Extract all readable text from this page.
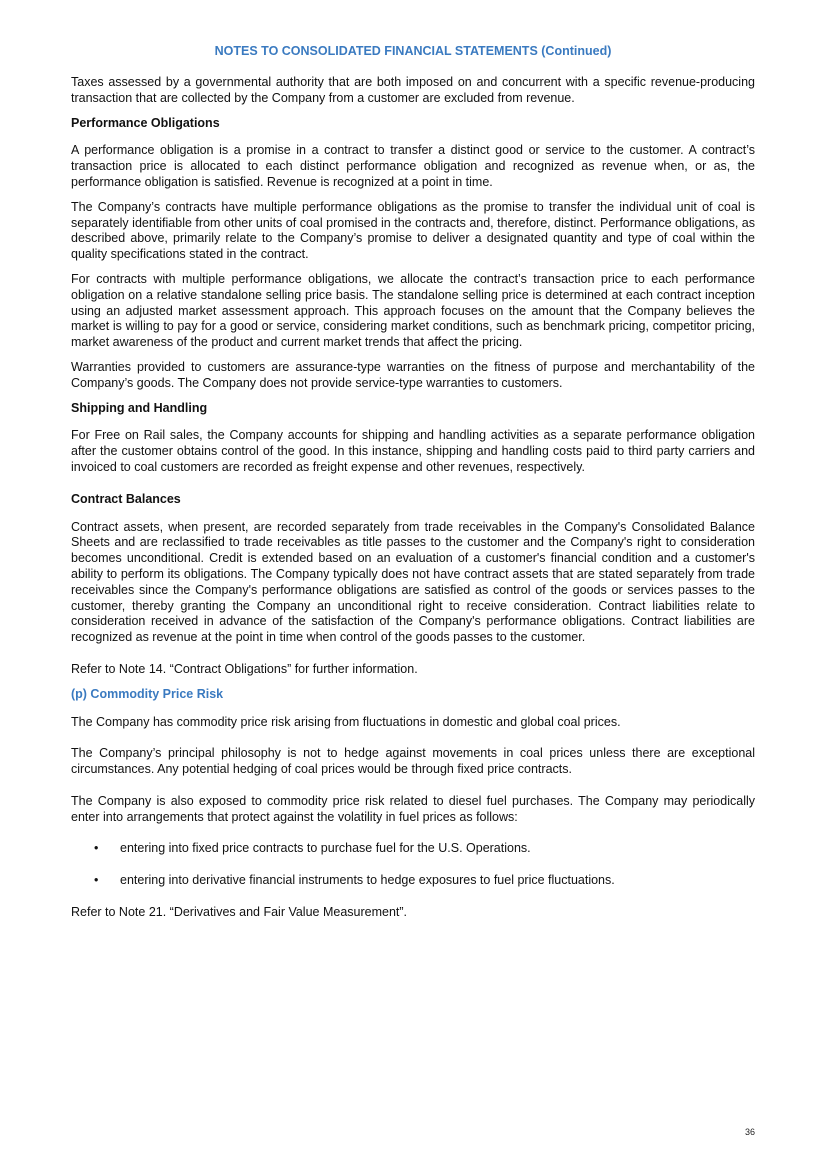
NOTES TO CONSOLIDATED FINANCIAL STATEMENTS (Continued)

Taxes assessed by a governmental authority that are both imposed on and concurrent with a specific revenue-producing transaction that are collected by the Company from a customer are excluded from revenue.

Performance Obligations

A performance obligation is a promise in a contract to transfer a distinct good or service to the customer. A contract’s transaction price is allocated to each distinct performance obligation and recognized as revenue when, or as, the performance obligation is satisfied. Revenue is recognized at a point in time.

The Company’s contracts have multiple performance obligations as the promise to transfer the individual unit of coal is separately identifiable from other units of coal promised in the contracts and, therefore, distinct. Performance obligations, as described above, primarily relate to the Company’s promise to deliver a designated quantity and type of coal within the quality specifications stated in the contract.

For contracts with multiple performance obligations, we allocate the contract’s transaction price to each performance obligation on a relative standalone selling price basis. The standalone selling price is determined at each contract inception using an adjusted market assessment approach. This approach focuses on the amount that the Company believes the market is willing to pay for a good or service, considering market conditions, such as benchmark pricing, competitor pricing, market awareness of the product and current market trends that affect the pricing.

Warranties provided to customers are assurance-type warranties on the fitness of purpose and merchantability of the Company’s goods. The Company does not provide service-type warranties to customers.

Shipping and Handling

For Free on Rail sales, the Company accounts for shipping and handling activities as a separate performance obligation after the customer obtains control of the good. In this instance, shipping and handling costs paid to third party carriers and invoiced to coal customers are recorded as freight expense and other revenues, respectively.

Contract Balances

Contract assets, when present, are recorded separately from trade receivables in the Company's Consolidated Balance Sheets and are reclassified to trade receivables as title passes to the customer and the Company's right to consideration becomes unconditional. Credit is extended based on an evaluation of a customer's financial condition and a customer's ability to perform its obligations. The Company typically does not have contract assets that are stated separately from trade receivables since the Company's performance obligations are satisfied as control of the goods or services passes to the customer, thereby granting the Company an unconditional right to receive consideration. Contract liabilities relate to consideration received in advance of the satisfaction of the Company's performance obligations. Contract liabilities are recognized as revenue at the point in time when control of the goods passes to the customer.

Refer to Note 14. “Contract Obligations” for further information.

(p) Commodity Price Risk

The Company has commodity price risk arising from fluctuations in domestic and global coal prices.

The Company’s principal philosophy is not to hedge against movements in coal prices unless there are exceptional circumstances. Any potential hedging of coal prices would be through fixed price contracts.

The Company is also exposed to commodity price risk related to diesel fuel purchases. The Company may periodically enter into arrangements that protect against the volatility in fuel prices as follows:

• entering into fixed price contracts to purchase fuel for the U.S. Operations.
• entering into derivative financial instruments to hedge exposures to fuel price fluctuations.

Refer to Note 21. “Derivatives and Fair Value Measurement”.

36
